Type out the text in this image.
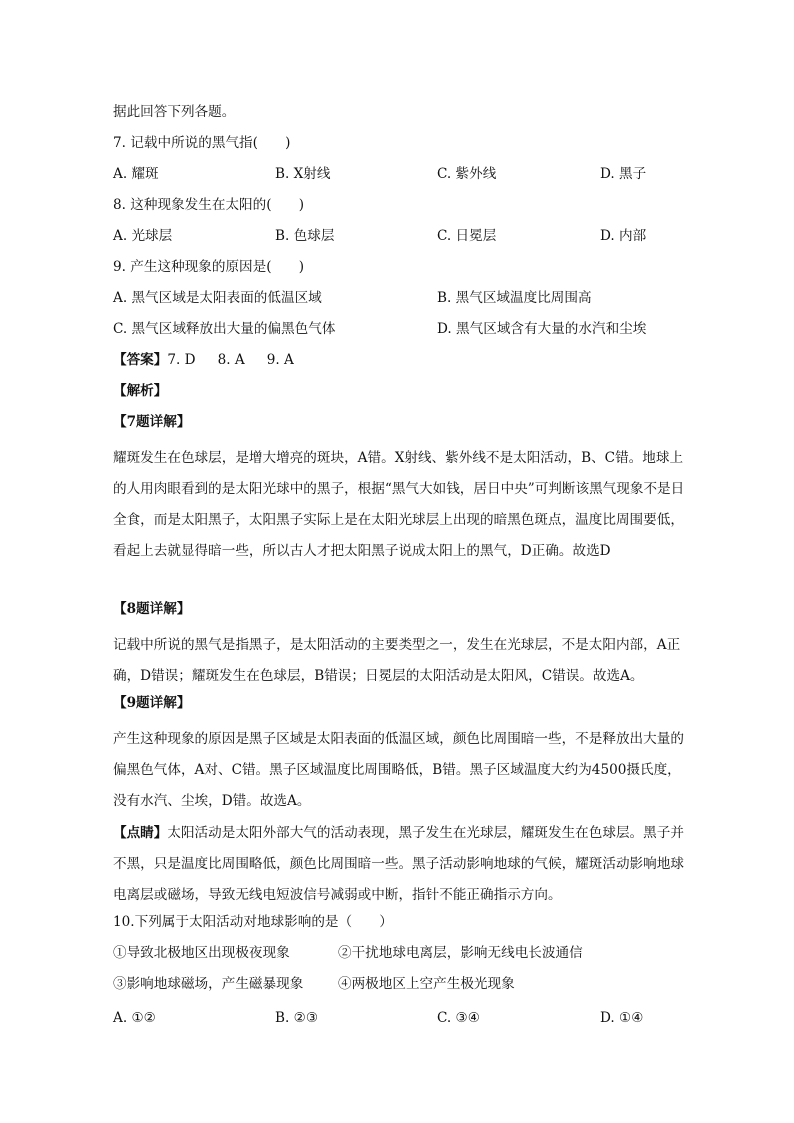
据此回答下列各题。
7. 记载中所说的黑气指(　　)
A. 耀斑	B. X射线	C. 紫外线	D. 黑子
8. 这种现象发生在太阳的(　　)
A. 光球层	B. 色球层	C. 日冕层	D. 内部
9. 产生这种现象的原因是(　　)
A. 黑气区域是太阳表面的低温区域	B. 黑气区域温度比周围高
C. 黑气区域释放出大量的偏黑色气体	D. 黑气区域含有大量的水汽和尘埃
【答案】7. D 8. A 9. A
【解析】
【7题详解】
耀斑发生在色球层，是增大增亮的斑块，A错。X射线、紫外线不是太阳活动，B、C错。地球上的人用肉眼看到的是太阳光球中的黑子，根据“黑气大如钱，居日中央”可判断该黑气现象不是日全食，而是太阳黑子，太阳黑子实际上是在太阳光球层上出现的暗黑色斑点，温度比周围要低，看起上去就显得暗一些，所以古人才把太阳黑子说成太阳上的黑气，D正确。故选D
【8题详解】
记载中所说的黑气是指黑子，是太阳活动的主要类型之一，发生在光球层，不是太阳内部，A正确，D错误；耀斑发生在色球层，B错误；日冕层的太阳活动是太阳风，C错误。故选A。
【9题详解】
产生这种现象的原因是黑子区域是太阳表面的低温区域，颜色比周围暗一些，不是释放出大量的偏黑色气体，A对、C错。黑子区域温度比周围略低，B错。黑子区域温度大约为4500摄氏度，没有水汽、尘埃，D错。故选A。
【点睛】太阳活动是太阳外部大气的活动表现，黑子发生在光球层，耀斑发生在色球层。黑子并不黑，只是温度比周围略低，颜色比周围暗一些。黑子活动影响地球的气候，耀斑活动影响地球电离层或磁场，导致无线电短波信号减弱或中断，指针不能正确指示方向。
10.下列属于太阳活动对地球影响的是（　　）
①导致北极地区出现极夜现象	②干扰地球电离层，影响无线电长波通信
③影响地球磁场，产生磁暴现象	④两极地区上空产生极光现象
A. ①②	B. ②③	C. ③④	D. ①④
